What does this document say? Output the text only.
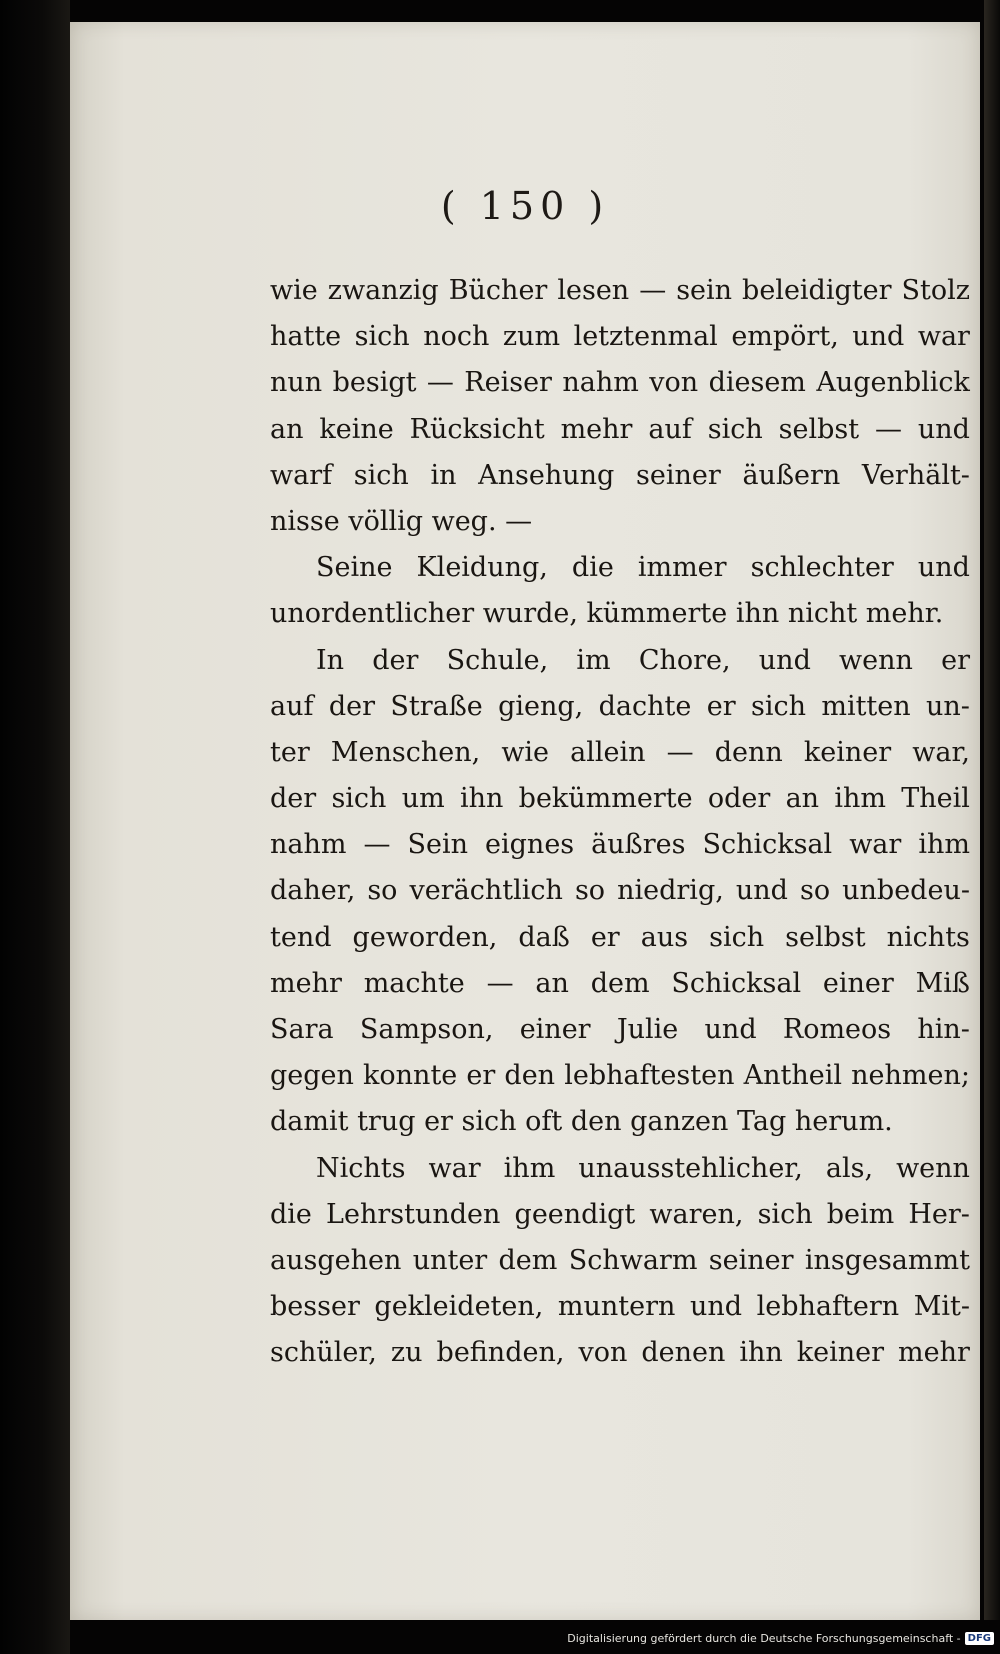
( 150 )
wie zwanzig Bücher lesen — sein beleidigter Stolz
hatte sich noch zum letztenmal empört, und war
nun besigt — Reiser nahm von diesem Augenblick
an keine Rücksicht mehr auf sich selbst — und
warf sich in Ansehung seiner äußern Verhält-
nisse völlig weg. —
Seine Kleidung, die immer schlechter und
unordentlicher wurde, kümmerte ihn nicht mehr.
In der Schule, im Chore, und wenn er
auf der Straße gieng, dachte er sich mitten un-
ter Menschen, wie allein — denn keiner war,
der sich um ihn bekümmerte oder an ihm Theil
nahm — Sein eignes äußres Schicksal war ihm
daher, so verächtlich so niedrig, und so unbedeu-
tend geworden, daß er aus sich selbst nichts
mehr machte — an dem Schicksal einer Miß
Sara Sampson, einer Julie und Romeos hin-
gegen konnte er den lebhaftesten Antheil nehmen;
damit trug er sich oft den ganzen Tag herum.
Nichts war ihm unausstehlicher, als, wenn
die Lehrstunden geendigt waren, sich beim Her-
ausgehen unter dem Schwarm seiner insgesammt
besser gekleideten, muntern und lebhaftern Mit-
schüler, zu befinden, von denen ihn keiner mehr
Digitalisierung gefördert durch die Deutsche Forschungsgemeinschaft - DFG
